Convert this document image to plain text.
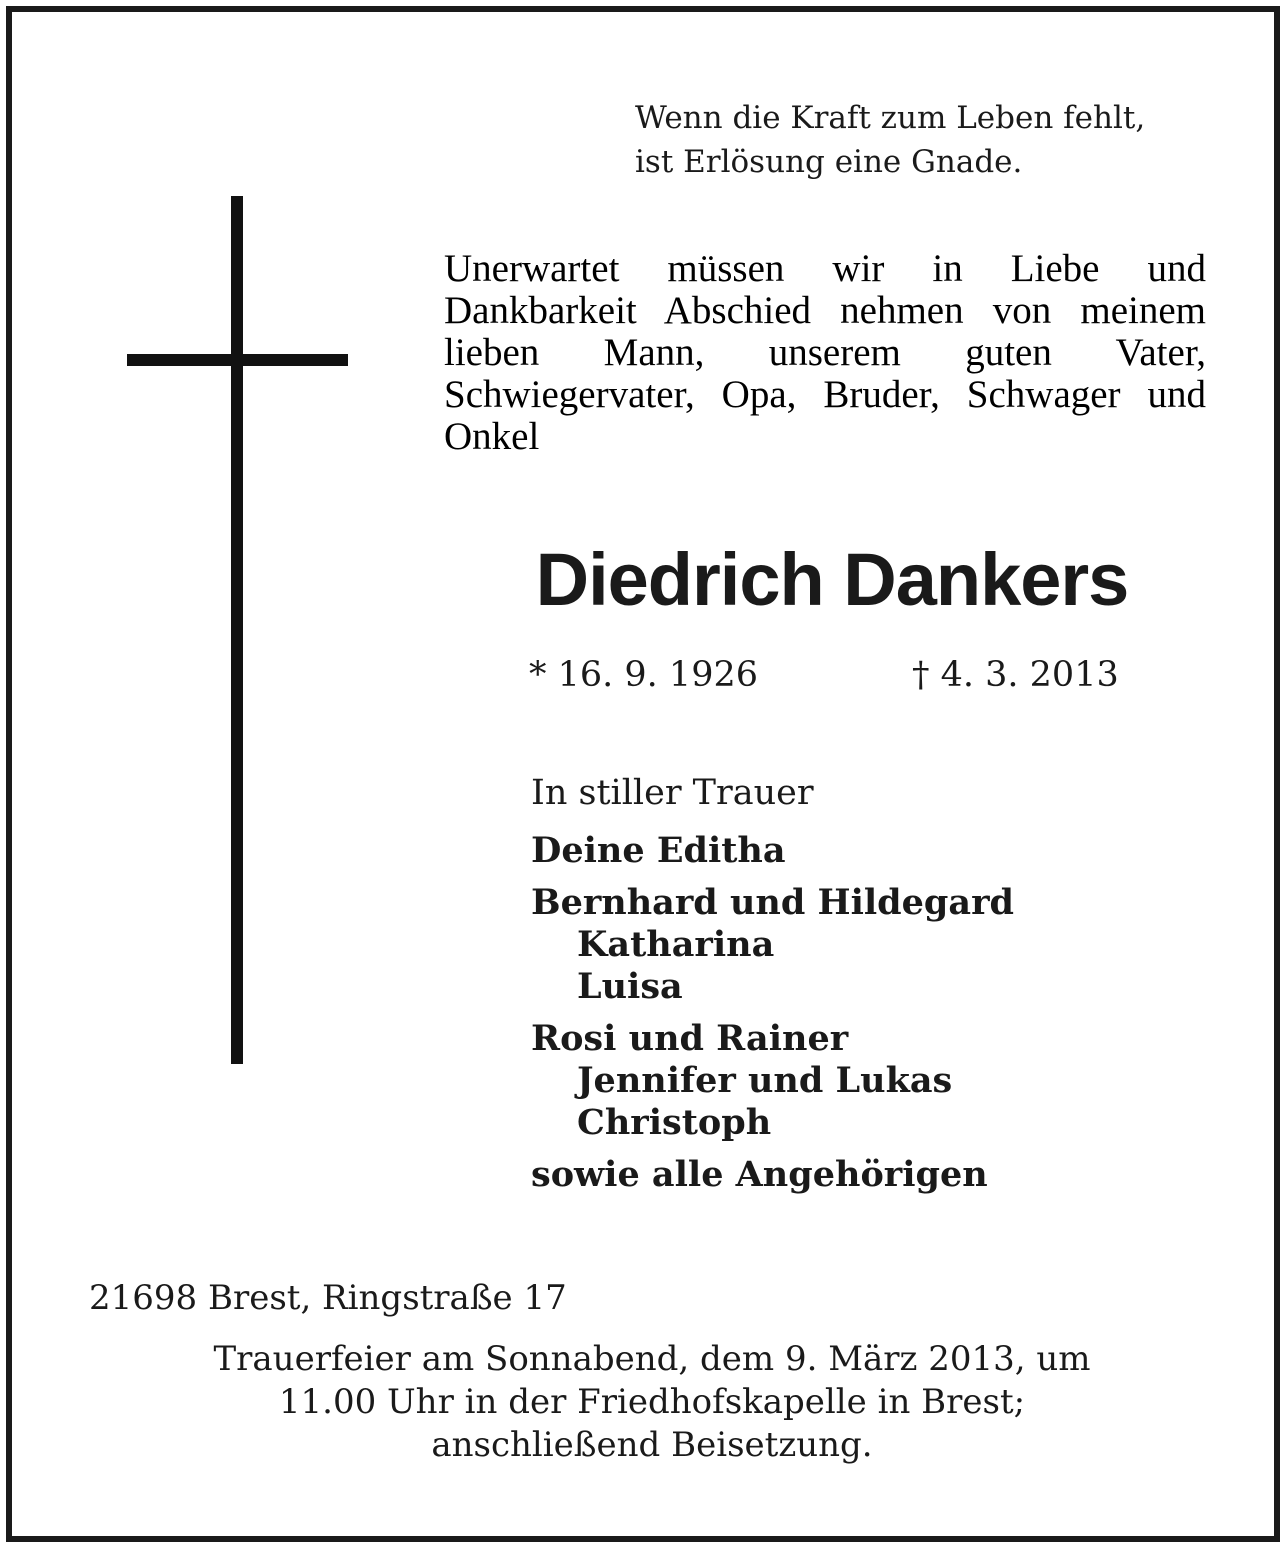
Wenn die Kraft zum Leben fehlt,
ist Erlösung eine Gnade.
Unerwartet müssen wir in Liebe und Dankbarkeit Abschied nehmen von meinem lieben Mann, unserem guten Vater, Schwiegervater, Opa, Bruder, Schwager und Onkel
Diedrich Dankers
* 16. 9. 1926	† 4. 3. 2013
In stiller Trauer
Deine Editha
Bernhard und Hildegard
Katharina
Luisa
Rosi und Rainer
Jennifer und Lukas
Christoph
sowie alle Angehörigen
21698 Brest, Ringstraße 17
Trauerfeier am Sonnabend, dem 9. März 2013, um
11.00 Uhr in der Friedhofskapelle in Brest;
anschließend Beisetzung.
